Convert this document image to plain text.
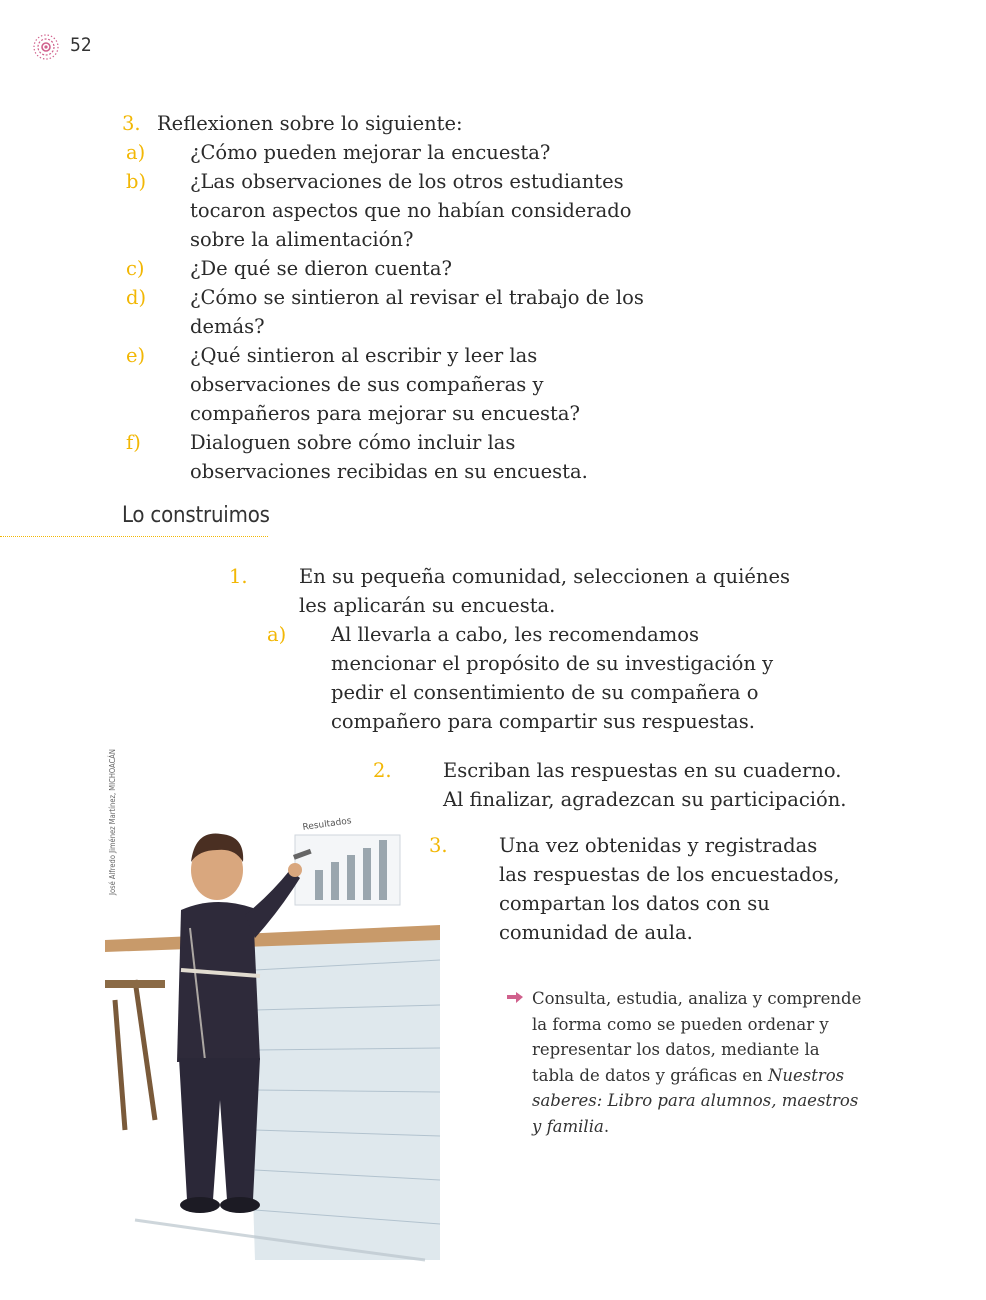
52
3. Reflexionen sobre lo siguiente:
a) ¿Cómo pueden mejorar la encuesta?
b) ¿Las observaciones de los otros estudiantes
tocaron aspectos que no habían considerado
sobre la alimentación?
c) ¿De qué se dieron cuenta?
d) ¿Cómo se sintieron al revisar el trabajo de los
demás?
e) ¿Qué sintieron al escribir y leer las
observaciones de sus compañeras y
compañeros para mejorar su encuesta?
f)	Dialoguen sobre cómo incluir las
observaciones recibidas en su encuesta.
Lo construimos
1.	En su pequeña comunidad, seleccionen a quiénes
les aplicarán su encuesta.
a) Al llevarla a cabo, les recomendamos
mencionar el propósito de su investigación y
pedir el consentimiento de su compañera o
compañero para compartir sus respuestas.
2.	Escriban las respuestas en su cuaderno.
Al finalizar, agradezcan su participación.
3.	Una vez obtenidas y registradas
las respuestas de los encuestados,
compartan los datos con su
comunidad de aula.
Consulta, estudia, analiza y comprende
la forma como se pueden ordenar y
representar los datos, mediante la
tabla de datos y gráficas en Nuestros
saberes: Libro para alumnos, maestros
y familia.
José Alfredo Jiménez Martínez, MICHOACÁN	Resultados
